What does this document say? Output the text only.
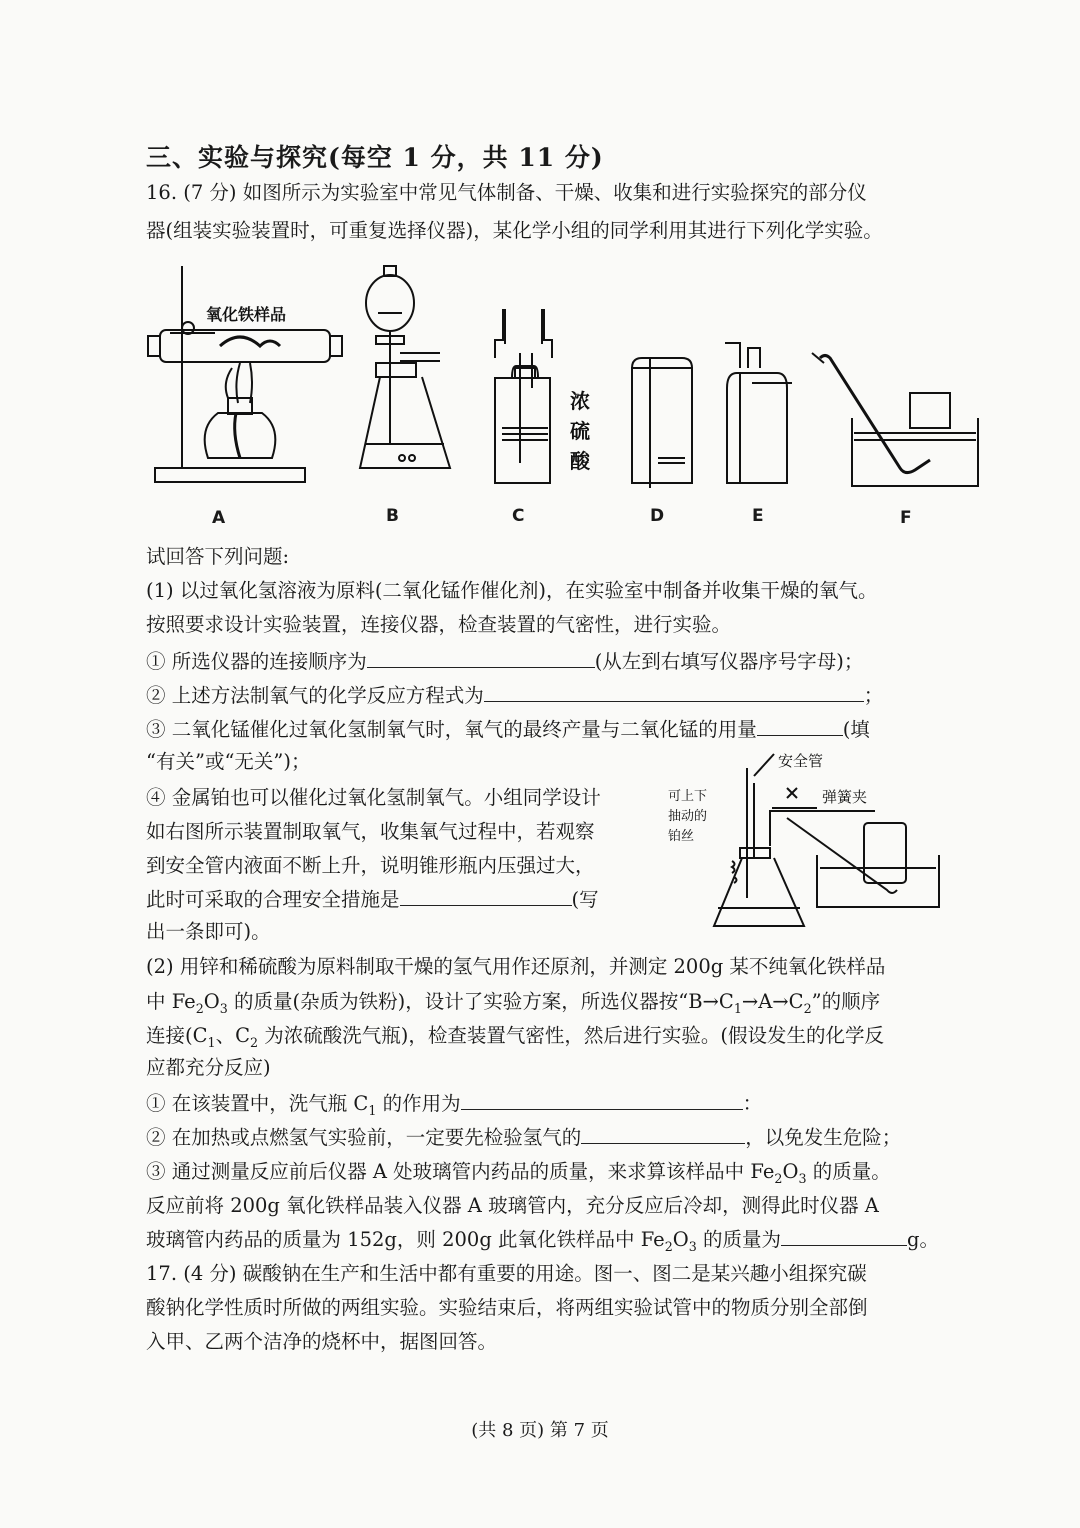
三、实验与探究(每空 1 分，共 11 分)
16. (7 分) 如图所示为实验室中常见气体制备、干燥、收集和进行实验探究的部分仪
器(组装实验装置时，可重复选择仪器)，某化学小组的同学利用其进行下列化学实验。
氧化铁样品
浓
硫
酸
A	B	C	D	E	F
试回答下列问题:
(1) 以过氧化氢溶液为原料(二氧化锰作催化剂)，在实验室中制备并收集干燥的氧气。
按照要求设计实验装置，连接仪器，检查装置的气密性，进行实验。
① 所选仪器的连接顺序为	(从左到右填写仪器序号字母)；
② 上述方法制氧气的化学反应方程式为	；
③ 二氧化锰催化过氧化氢制氧气时，氧气的最终产量与二氧化锰的用量	(填
“有关”或“无关”)；
④ 金属铂也可以催化过氧化氢制氧气。小组同学设计
如右图所示装置制取氧气，收集氧气过程中，若观察
到安全管内液面不断上升，说明锥形瓶内压强过大，
此时可采取的合理安全措施是	(写
出一条即可)。
安全管
弹簧夹
可上下
抽动的
铂丝
(2) 用锌和稀硫酸为原料制取干燥的氢气用作还原剂，并测定 200g 某不纯氧化铁样品
中 $Fe_2O_3$ 的质量(杂质为铁粉)，设计了实验方案，所选仪器按“$B\to C_1\to A\to C_2$”的顺序
连接($C_1$、$C_2$ 为浓硫酸洗气瓶)，检查装置气密性，然后进行实验。(假设发生的化学反
应都充分反应)
① 在该装置中，洗气瓶 $C_1$ 的作用为	：
② 在加热或点燃氢气实验前，一定要先检验氢气的	，以免发生危险；
③ 通过测量反应前后仪器 A 处玻璃管内药品的质量，来求算该样品中 $Fe_2O_3$ 的质量。
反应前将 200g 氧化铁样品装入仪器 A 玻璃管内，充分反应后冷却，测得此时仪器 A
玻璃管内药品的质量为 152g，则 200g 此氧化铁样品中 $Fe_2O_3$ 的质量为	g。
17. (4 分) 碳酸钠在生产和生活中都有重要的用途。图一、图二是某兴趣小组探究碳
酸钠化学性质时所做的两组实验。实验结束后，将两组实验试管中的物质分别全部倒
入甲、乙两个洁净的烧杯中，据图回答。
(共 8 页) 第 7 页
